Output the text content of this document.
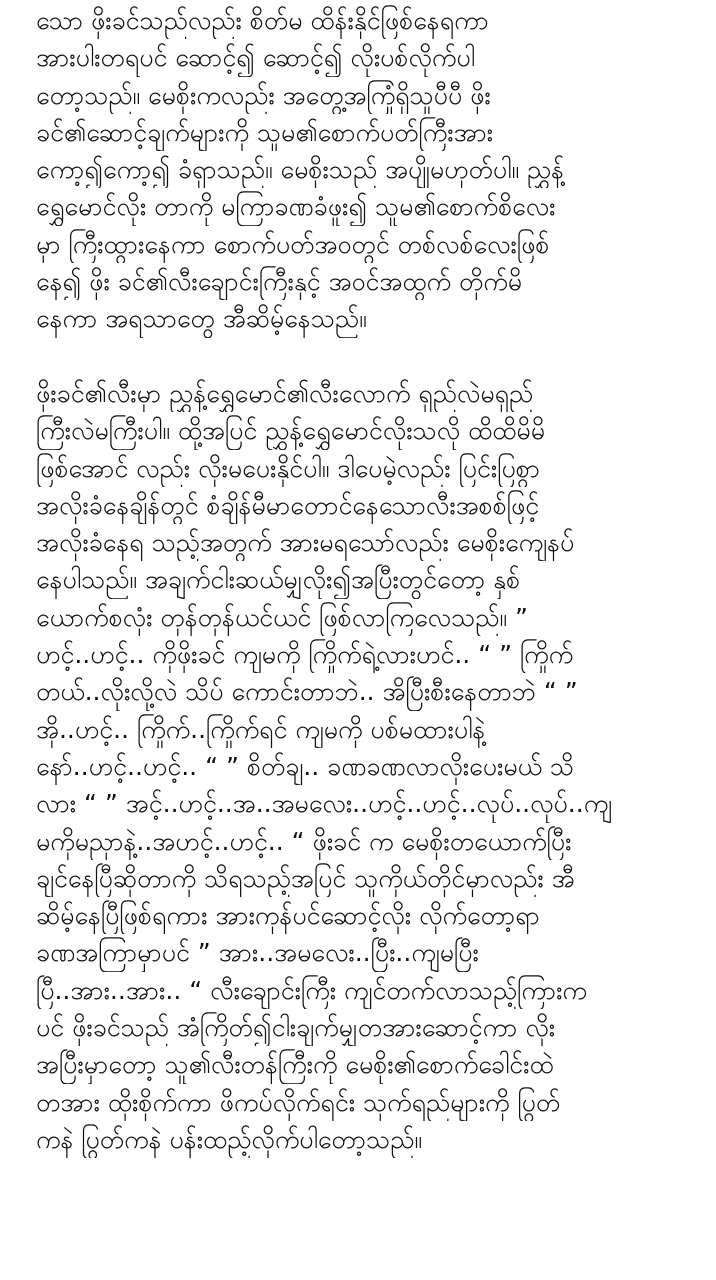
သော ဖိုးခင်သည်လည်း စိတ်မ ထိန်းနိုင်ဖြစ်နေရကာ
အားပါးတရပင် ဆောင့်၍ ဆောင့်၍ လိုးပစ်လိုက်ပါ
တော့သည်။ မေစိုးကလည်း အတွေ့အကြုံရှိသူပီပီ ဖိုး
ခင်၏ဆောင့်ချက်များကို သူမ၏စောက်ပတ်ကြီးအား
ကော့၍ကော့၍ ခံရှာသည်။ မေစိုးသည် အပျိုမဟုတ်ပါ။ ညွှန့်
ရွှေမောင်လိုး တာကို မကြာခဏခံဖူး၍ သူမ၏စောက်စိလေး
မှာ ကြီးထွားနေကာ စောက်ပတ်အဝတွင် တစ်လစ်လေးဖြစ်
နေ၍ ဖိုး ခင်၏လီးချောင်းကြီးနှင့် အဝင်အထွက် တိုက်မိ
နေကာ အရသာတွေ အီဆိမ့်နေသည်။
ဖိုးခင်၏လီးမှာ ညွှန့်ရွှေမောင်၏လီးလောက် ရှည်လဲမရှည်
ကြီးလဲမကြီးပါ။ ထို့အပြင် ညွှန့်ရွှေမောင်လိုးသလို ထိထိမိမိ
ဖြစ်အောင် လည်း လိုးမပေးနိုင်ပါ။ ဒါပေမဲ့လည်း ပြင်းပြစွာ
အလိုးခံနေချိန်တွင် စံချိန်မီမာတောင်နေသောလီးအစစ်ဖြင့်
အလိုးခံနေရ သည့်အတွက် အားမရသော်လည်း မေစိုးကျေနပ်
နေပါသည်။ အချက်ငါးဆယ်မျှလိုး၍အပြီးတွင်တော့ နှစ်
ယောက်စလုံး တုန်တုန်ယင်ယင် ဖြစ်လာကြလေသည်။ ”
ဟင့်..ဟင့်.. ကိုဖိုးခင် ကျမကို ကြိုက်ရဲ့လားဟင်.. “ ” ကြိုက်
တယ်..လိုးလို့လဲ သိပ် ကောင်းတာဘဲ.. အိပြီးစီးနေတာဘဲ “ ”
အို..ဟင့်.. ကြိုက်..ကြိုက်ရင် ကျမကို ပစ်မထားပါနဲ့
နော်..ဟင့်..ဟင့်.. “ ” စိတ်ချ.. ခဏခဏလာလိုးပေးမယ် သိ
လား “ ” အင့်..ဟင့်..အ..အမလေး..ဟင့်..ဟင့်..လုပ်..လုပ်..ကျ
မကိုမညှာနဲ့..အဟင့်..ဟင့်.. “ ဖိုးခင် က မေစိုးတယောက်ပြီး
ချင်နေပြီဆိုတာကို သိရသည့်အပြင် သူကိုယ်တိုင်မှာလည်း အီ
ဆိမ့်နေပြီဖြစ်ရကား အားကုန်ပင်ဆောင့်လိုး လိုက်တော့ရာ
ခဏအကြာမှာပင် ” အား..အမလေး..ပြီး..ကျမပြီး
ပြီ..အား..အား.. “ လီးချောင်းကြီး ကျင်တက်လာသည့်ကြားက
ပင် ဖိုးခင်သည် အံကြိတ်၍ငါးချက်မျှတအားဆောင့်ကာ လိုး
အပြီးမှာတော့ သူ၏လီးတန်ကြီးကို မေစိုး၏စောက်ခေါင်းထဲ
တအား ထိုးစိုက်ကာ ဖိကပ်လိုက်ရင်း သုက်ရည်များကို ပြွတ်
ကနဲ ပြွတ်ကနဲ ပန်းထည့်လိုက်ပါတော့သည်။
